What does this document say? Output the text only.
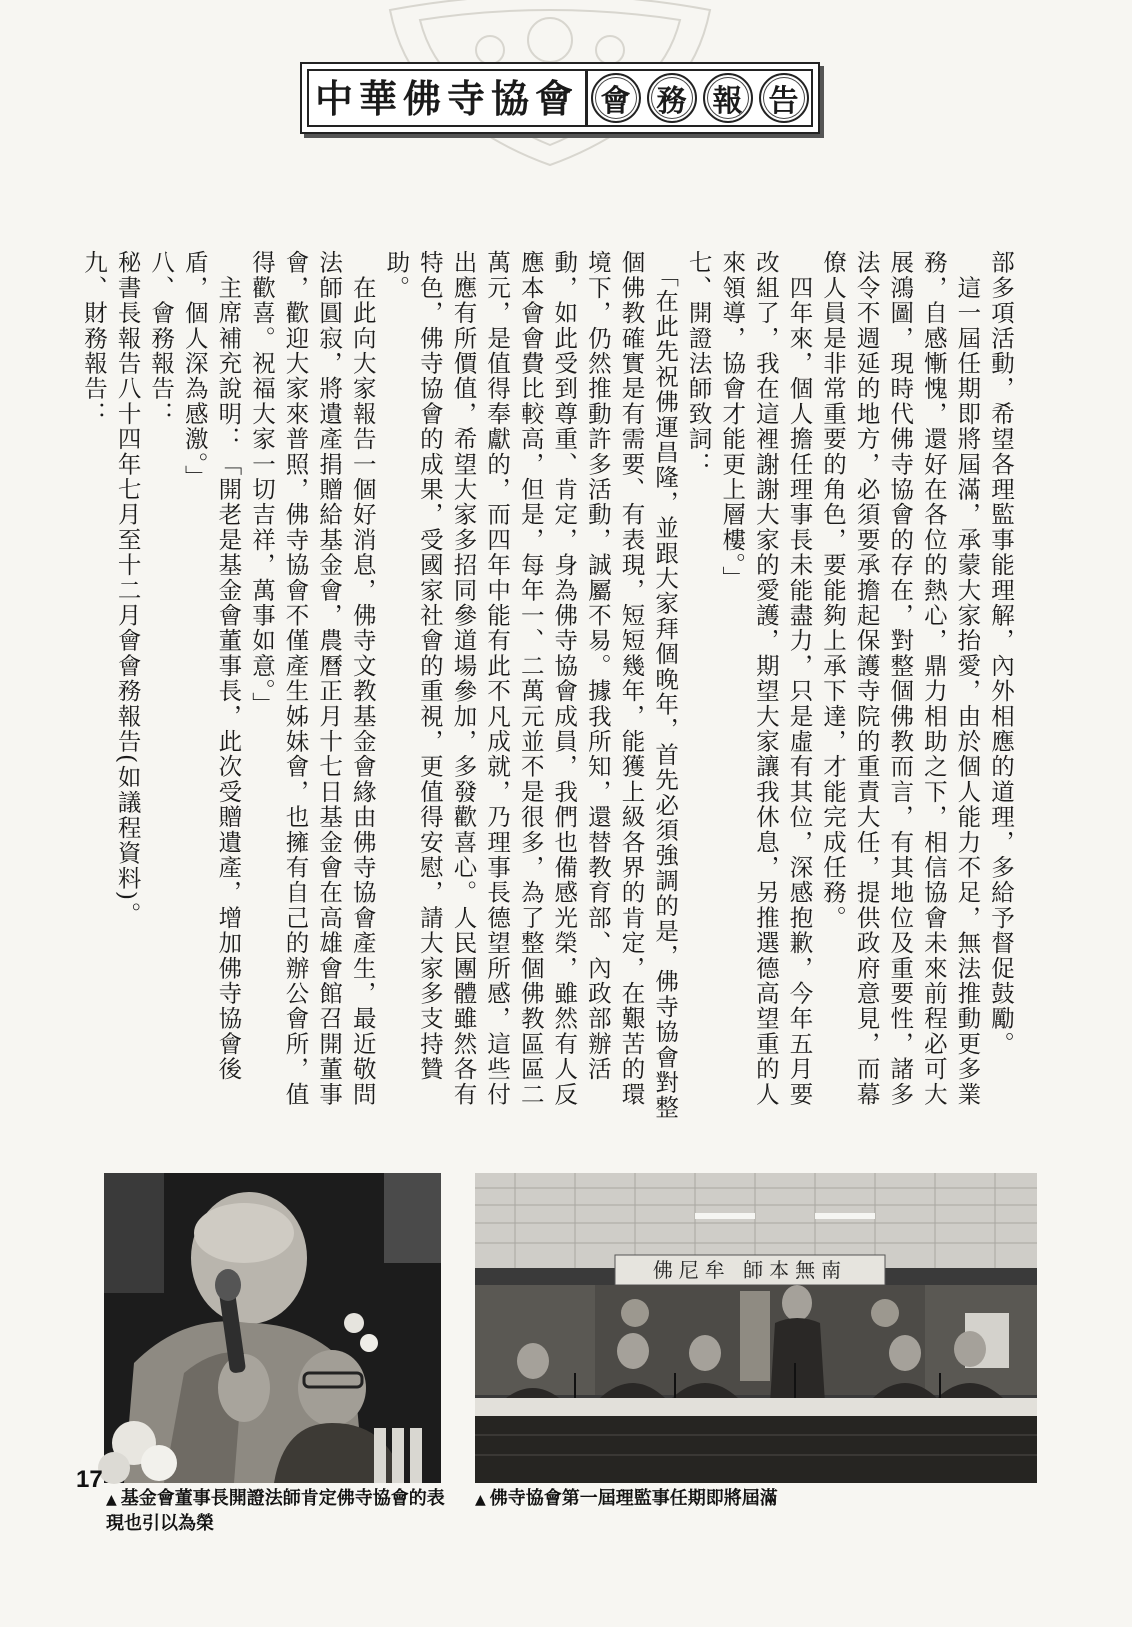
中華佛寺協會 會 務 報 告

部多項活動，希望各理監事能理解，內外相應的道理，多給予督促鼓勵。

　這一屆任期即將屆滿，承蒙大家抬愛，由於個人能力不足，無法推動更多業務，自感慚愧，還好在各位的熱心，鼎力相助之下，相信協會未來前程必可大展鴻圖，現時代佛寺協會的存在，對整個佛教而言，有其地位及重要性，諸多法令不週延的地方，必須要承擔起保護寺院的重責大任，提供政府意見，而幕僚人員是非常重要的角色，要能夠上承下達，才能完成任務。

　四年來，個人擔任理事長未能盡力，只是虛有其位，深感抱歉，今年五月要改組了，我在這裡謝謝大家的愛護，期望大家讓我休息，另推選德高望重的人來領導，協會才能更上層樓。」

七、開證法師致詞：

　「在此先祝佛運昌隆，並跟大家拜個晚年，首先必須強調的是，佛寺協會對整個佛教確實是有需要、有表現，短短幾年，能獲上級各界的肯定，在艱苦的環境下，仍然推動許多活動，誠屬不易。據我所知，還替教育部、內政部辦活動，如此受到尊重、肯定，身為佛寺協會成員，我們也備感光榮，雖然有人反應本會會費比較高，但是，每年一、二萬元並不是很多，為了整個佛教區區二萬元，是值得奉獻的，而四年中能有此不凡成就，乃理事長德望所感，這些付出應有所價值，希望大家多招同參道場參加，多發歡喜心。人民團體雖然各有特色，佛寺協會的成果，受國家社會的重視，更值得安慰，請大家多支持贊助。

　在此向大家報告一個好消息，佛寺文教基金會緣由佛寺協會產生，最近敬問法師圓寂，將遺產捐贈給基金會，農曆正月十七日基金會在高雄會館召開董事會，歡迎大家來普照，佛寺協會不僅產生姊妹會，也擁有自己的辦公會所，值得歡喜。祝福大家一切吉祥，萬事如意。」

　主席補充說明：「開老是基金會董事長，此次受贈遺產，增加佛寺協會後盾，個人深為感激。」

八、會務報告：

秘書長報告八十四年七月至十二月會會務報告(如議程資料)。

九、財務報告：

佛尼牟 師本無南
▲ 基金會董事長開證法師肯定佛寺協會的表現也引以為榮
▲ 佛寺協會第一屆理監事任期即將屆滿
17
